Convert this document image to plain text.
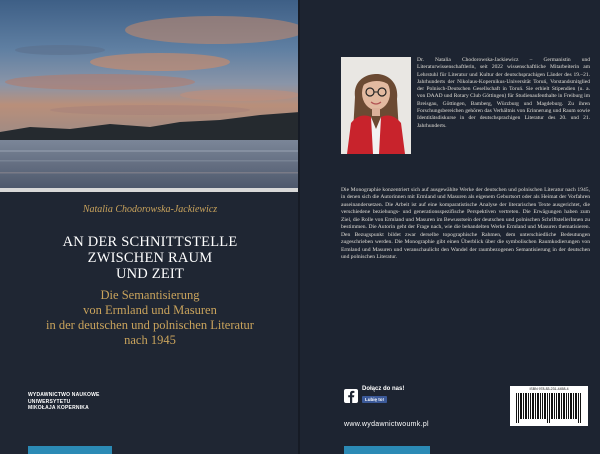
Natalia Chodorowska-Jackiewicz
AN DER SCHNITTSTELLE
ZWISCHEN RAUM
UND ZEIT
Die Semantisierung
von Ermland und Masuren
in der deutschen und polnischen Literatur
nach 1945
WYDAWNICTWO NAUKOWE
UNIWERSYTETU
MIKOŁAJA KOPERNIKA
Dr. Natalia Chodorowska-Jackiewicz – Germanistin und Literaturwissenschaftlerin, seit 2022 wissenschaftliche Mitarbeiterin am Lehrstuhl für Literatur und Kultur der deutschsprachigen Länder des 19.–21. Jahrhunderts der Nikolaus-Kopernikus-Universität Toruń, Vorstandsmitglied der Polnisch-Deutschen Gesellschaft in Toruń. Sie erhielt Stipendien (u. a. von DAAD und Rotary Club Göttingen) für Studienaufenthalte in Freiburg im Breisgau, Göttingen, Bamberg, Würzburg und Magdeburg. Zu ihren Forschungsbereichen gehören das Verhältnis von Erinnerung und Raum sowie Identitätsdiskurse in der deutschsprachigen Literatur des 20. und 21. Jahrhunderts.
Die Monographie konzentriert sich auf ausgewählte Werke der deutschen und polnischen Literatur nach 1945, in denen sich die Autorinnen mit Ermland und Masuren als eigenem Geburtsort oder als Heimat der Vorfahren auseinandersetzen. Die Arbeit ist auf eine komparatistische Analyse der literarischen Texte ausgerichtet, die verschiedene beziehungs- und generationsspezifische Perspektiven vertreten. Die Erwägungen haben zum Ziel, die Rolle von Ermland und Masuren im Bewusstsein der deutschen und polnischen SchriftstellerInnen zu bestimmen. Die Autorin geht der Frage nach, wie die behandelten Werke Ermland und Masuren thematisieren. Den Bezugspunkt bildet zwar derselbe topographische Rahmen, dem unterschiedliche Bedeutungen zugeschrieben werden. Die Monographie gibt einen Überblick über die symbolischen Raumkodierungen von Ermland und Masuren und veranschaulicht den Wandel der raumbezogenen Semantisierung in der deutschen und polnischen Literatur.
Dołącz do nas!
Lubię to!
www.wydawnictwoumk.pl
ISBN 978-83-231-4458-4
